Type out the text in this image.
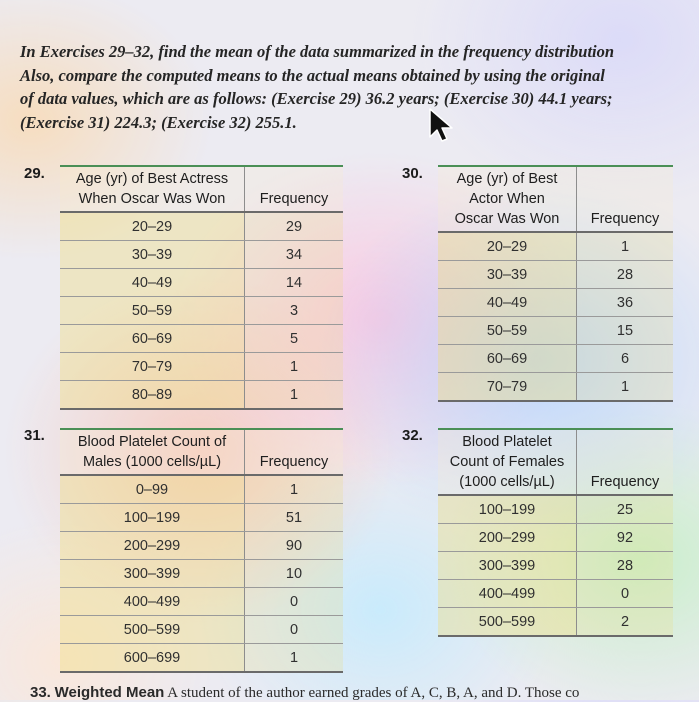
In Exercises 29–32, find the mean of the data summarized in the frequency distribution
Also, compare the computed means to the actual means obtained by using the original
of data values, which are as follows: (Exercise 29) 36.2 years; (Exercise 30) 44.1 years;
(Exercise 31) 224.3; (Exercise 32) 255.1.
29.	Age (yr) of Best Actress
When Oscar Was Won	Frequency
20–29	29
30–39	34
40–49	14
50–59	3
60–69	5
70–79	1
80–89	1
30.	Age (yr) of Best
Actor When
Oscar Was Won	Frequency
20–29	1
30–39	28
40–49	36
50–59	15
60–69	6
70–79	1
31.	Blood Platelet Count of
Males (1000 cells/µL)	Frequency
0–99	1
100–199	51
200–299	90
300–399	10
400–499	0
500–599	0
600–699	1
32.	Blood Platelet
Count of Females
(1000 cells/µL)	Frequency
100–199	25
200–299	92
300–399	28
400–499	0
500–599	2
33. Weighted Mean A student of the author earned grades of A, C, B, A, and D. Those co
